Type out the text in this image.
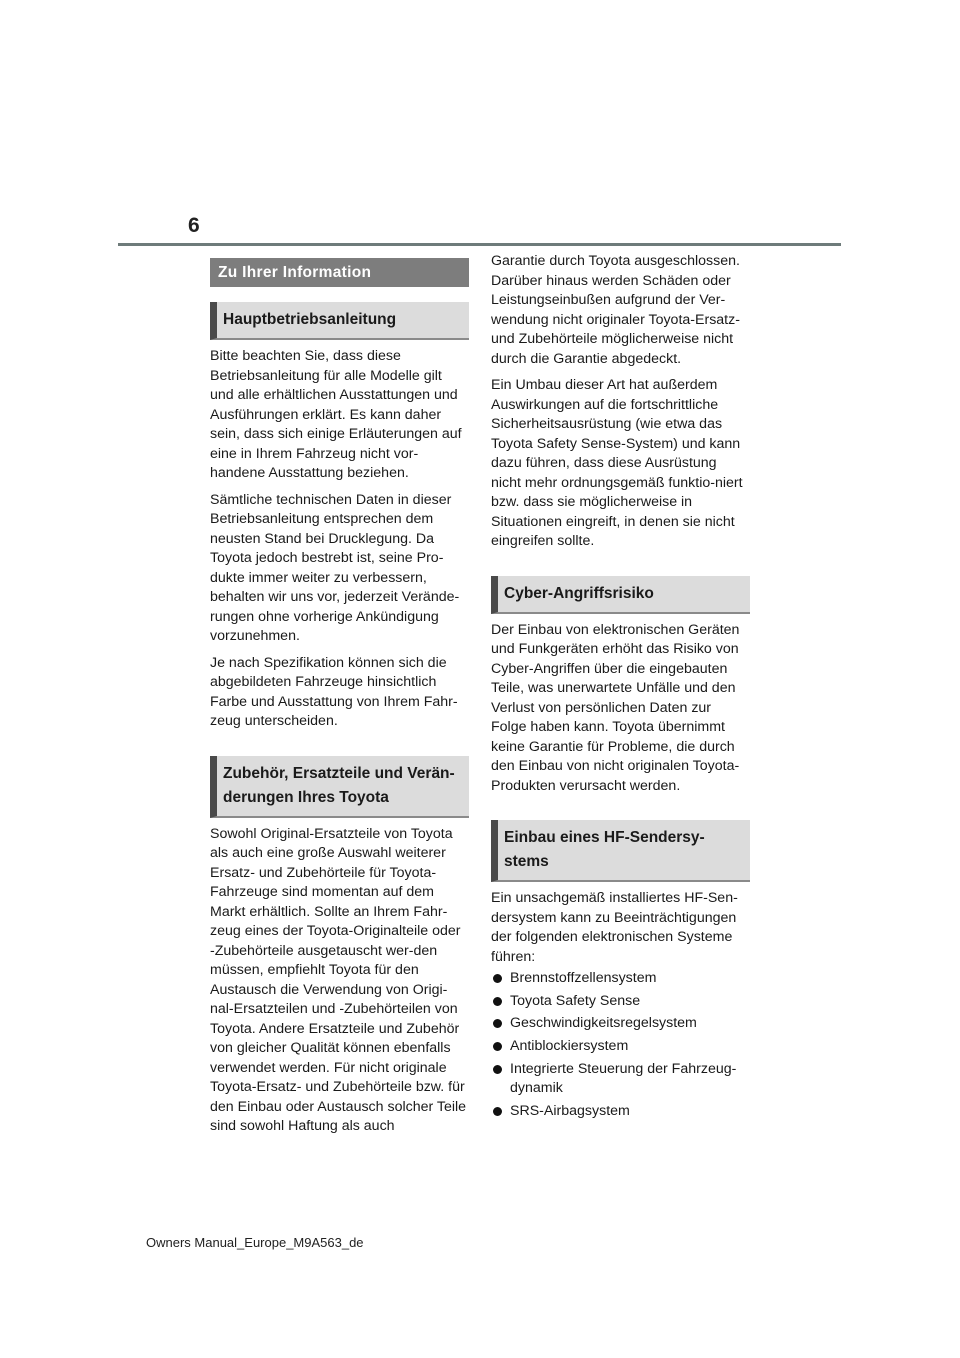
6
Zu Ihrer Information
Hauptbetriebsanleitung

Bitte beachten Sie, dass diese Betriebsanleitung für alle Modelle gilt und alle erhältlichen Ausstattungen und Ausführungen erklärt. Es kann daher sein, dass sich einige Erläuterungen auf eine in Ihrem Fahrzeug nicht vor-handene Ausstattung beziehen.

Sämtliche technischen Daten in dieser Betriebsanleitung entsprechen dem neusten Stand bei Drucklegung. Da Toyota jedoch bestrebt ist, seine Pro-dukte immer weiter zu verbessern, behalten wir uns vor, jederzeit Verände-rungen ohne vorherige Ankündigung vorzunehmen.

Je nach Spezifikation können sich die abgebildeten Fahrzeuge hinsichtlich Farbe und Ausstattung von Ihrem Fahr-zeug unterscheiden.

Zubehör, Ersatzteile und Verän-derungen Ihres Toyota

Sowohl Original-Ersatzteile von Toyota als auch eine große Auswahl weiterer Ersatz- und Zubehörteile für Toyota-Fahrzeuge sind momentan auf dem Markt erhältlich. Sollte an Ihrem Fahr-zeug eines der Toyota-Originalteile oder -Zubehörteile ausgetauscht wer-den müssen, empfiehlt Toyota für den Austausch die Verwendung von Origi-nal-Ersatzteilen und -Zubehörteilen von Toyota. Andere Ersatzteile und Zubehör von gleicher Qualität können ebenfalls verwendet werden. Für nicht originale Toyota-Ersatz- und Zubehörteile bzw. für den Einbau oder Austausch solcher Teile sind sowohl Haftung als auch

Garantie durch Toyota ausgeschlossen. Darüber hinaus werden Schäden oder Leistungseinbußen aufgrund der Ver-wendung nicht originaler Toyota-Ersatz- und Zubehörteile möglicherweise nicht durch die Garantie abgedeckt.

Ein Umbau dieser Art hat außerdem Auswirkungen auf die fortschrittliche Sicherheitsausrüstung (wie etwa das Toyota Safety Sense-System) und kann dazu führen, dass diese Ausrüstung nicht mehr ordnungsgemäß funktio-niert bzw. dass sie möglicherweise in Situationen eingreift, in denen sie nicht eingreifen sollte.

Cyber-Angriffsrisiko

Der Einbau von elektronischen Geräten und Funkgeräten erhöht das Risiko von Cyber-Angriffen über die eingebauten Teile, was unerwartete Unfälle und den Verlust von persönlichen Daten zur Folge haben kann. Toyota übernimmt keine Garantie für Probleme, die durch den Einbau von nicht originalen Toyota-Produkten verursacht werden.

Einbau eines HF-Sendersy-stems

Ein unsachgemäß installiertes HF-Sen-dersystem kann zu Beeinträchtigungen der folgenden elektronischen Systeme führen:

Brennstoffzellensystem
Toyota Safety Sense
Geschwindigkeitsregelsystem
Antiblockiersystem
Integrierte Steuerung der Fahrzeug-dynamik
SRS-Airbagsystem
Owners Manual_Europe_M9A563_de
